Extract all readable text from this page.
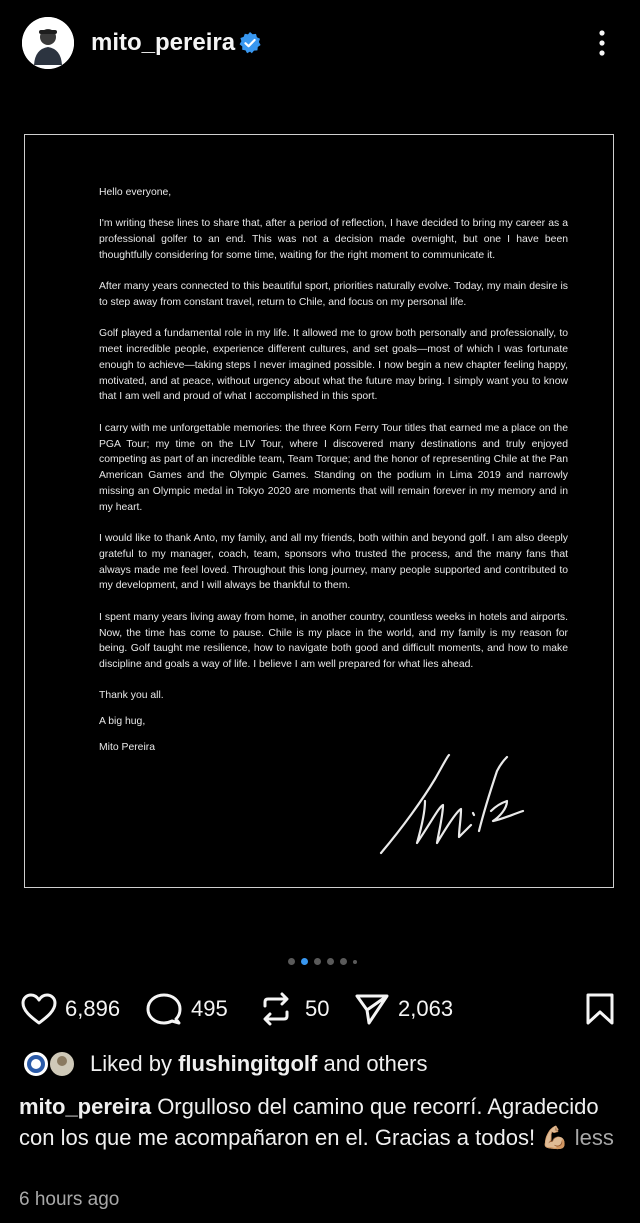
mito_pereira

Hello everyone,

I'm writing these lines to share that, after a period of reflection, I have decided to bring my career as a professional golfer to an end. This was not a decision made overnight, but one I have been thoughtfully considering for some time, waiting for the right moment to communicate it.

After many years connected to this beautiful sport, priorities naturally evolve. Today, my main desire is to step away from constant travel, return to Chile, and focus on my personal life.

Golf played a fundamental role in my life. It allowed me to grow both personally and professionally, to meet incredible people, experience different cultures, and set goals—most of which I was fortunate enough to achieve—taking steps I never imagined possible. I now begin a new chapter feeling happy, motivated, and at peace, without urgency about what the future may bring. I simply want you to know that I am well and proud of what I accomplished in this sport.

I carry with me unforgettable memories: the three Korn Ferry Tour titles that earned me a place on the PGA Tour; my time on the LIV Tour, where I discovered many destinations and truly enjoyed competing as part of an incredible team, Team Torque; and the honor of representing Chile at the Pan American Games and the Olympic Games. Standing on the podium in Lima 2019 and narrowly missing an Olympic medal in Tokyo 2020 are moments that will remain forever in my memory and in my heart.

I would like to thank Anto, my family, and all my friends, both within and beyond golf. I am also deeply grateful to my manager, coach, team, sponsors who trusted the process, and the many fans that always made me feel loved. Throughout this long journey, many people supported and contributed to my development, and I will always be thankful to them.

I spent many years living away from home, in another country, countless weeks in hotels and airports. Now, the time has come to pause. Chile is my place in the world, and my family is my reason for being. Golf taught me resilience, how to navigate both good and difficult moments, and how to make discipline and goals a way of life. I believe I am well prepared for what lies ahead.

Thank you all.

A big hug,

Mito Pereira

6,896	495	50	2,063
Liked by flushingitgolf and others
mito_pereira Orgulloso del camino que recorrí. Agradecido con los que me acompañaron en el. Gracias a todos! 💪🏼 less
6 hours ago
